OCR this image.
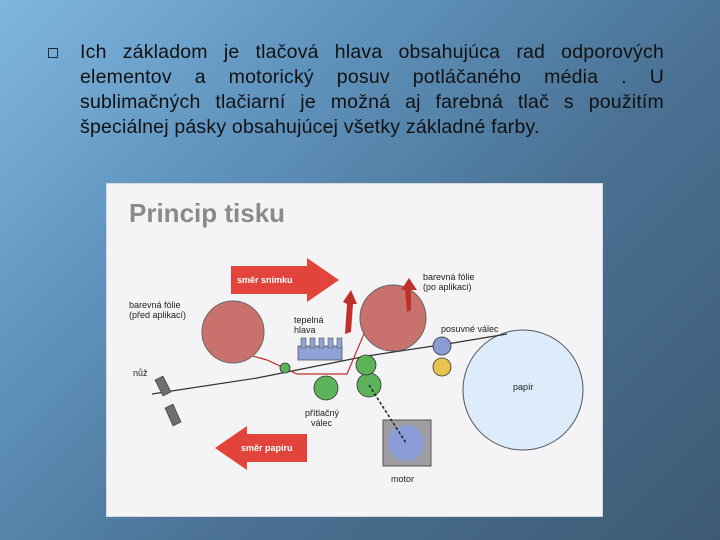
Ich základom je tlačová hlava obsahujúca rad odporových elementov a motorický posuv potláčaného média . U sublimačných tlačiarní je možná aj farebná tlač s použitím špeciálnej pásky obsahujúcej všetky základné farby.
Princip tisku
směr snímku
směr papíru
barevná fólie
(před aplikací)
barevná fólie
(po aplikaci)
tepelná
hlava	posuvné válec
nůž
přítlačný
válec
papír
motor
